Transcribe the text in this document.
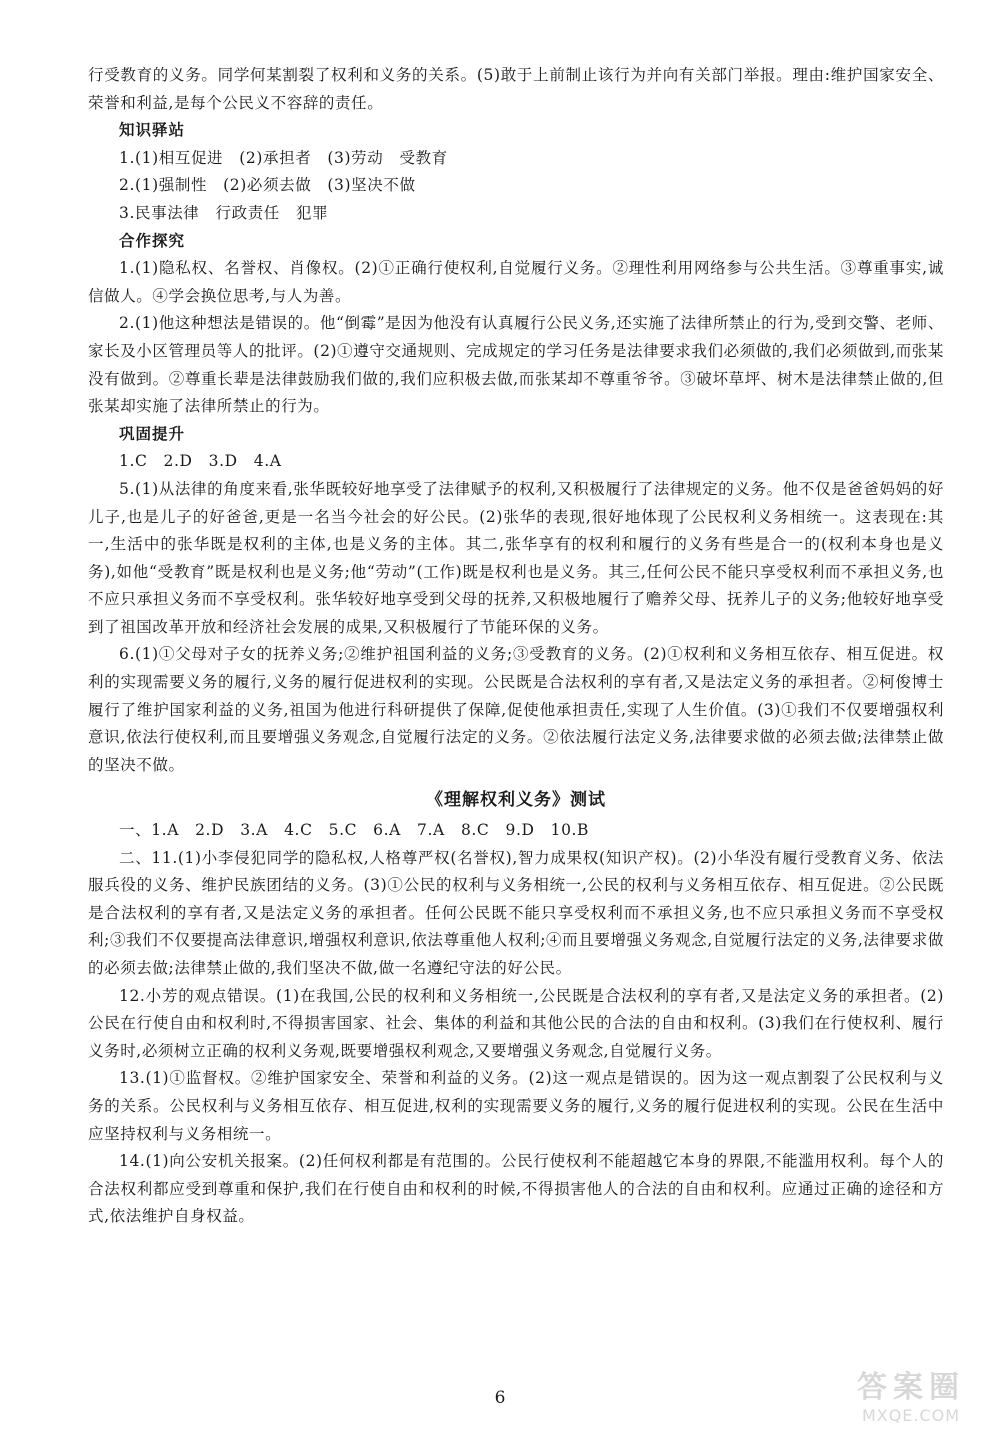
行受教育的义务。同学何某割裂了权利和义务的关系。(5)敢于上前制止该行为并向有关部门举报。理由:维护国家安全、荣誉和利益,是每个公民义不容辞的责任。

知识驿站

1.(1)相互促进　(2)承担者　(3)劳动　受教育

2.(1)强制性　(2)必须去做　(3)坚决不做

3.民事法律　行政责任　犯罪

合作探究

1.(1)隐私权、名誉权、肖像权。(2)①正确行使权利,自觉履行义务。②理性利用网络参与公共生活。③尊重事实,诚信做人。④学会换位思考,与人为善。

2.(1)他这种想法是错误的。他“倒霉”是因为他没有认真履行公民义务,还实施了法律所禁止的行为,受到交警、老师、家长及小区管理员等人的批评。(2)①遵守交通规则、完成规定的学习任务是法律要求我们必须做的,我们必须做到,而张某没有做到。②尊重长辈是法律鼓励我们做的,我们应积极去做,而张某却不尊重爷爷。③破坏草坪、树木是法律禁止做的,但张某却实施了法律所禁止的行为。

巩固提升

1.C　2.D　3.D　4.A

5.(1)从法律的角度来看,张华既较好地享受了法律赋予的权利,又积极履行了法律规定的义务。他不仅是爸爸妈妈的好儿子,也是儿子的好爸爸,更是一名当今社会的好公民。(2)张华的表现,很好地体现了公民权利义务相统一。这表现在:其一,生活中的张华既是权利的主体,也是义务的主体。其二,张华享有的权利和履行的义务有些是合一的(权利本身也是义务),如他“受教育”既是权利也是义务;他“劳动”(工作)既是权利也是义务。其三,任何公民不能只享受权利而不承担义务,也不应只承担义务而不享受权利。张华较好地享受到父母的抚养,又积极地履行了赡养父母、抚养儿子的义务;他较好地享受到了祖国改革开放和经济社会发展的成果,又积极履行了节能环保的义务。

6.(1)①父母对子女的抚养义务;②维护祖国利益的义务;③受教育的义务。(2)①权利和义务相互依存、相互促进。权利的实现需要义务的履行,义务的履行促进权利的实现。公民既是合法权利的享有者,又是法定义务的承担者。②柯俊博士履行了维护国家利益的义务,祖国为他进行科研提供了保障,促使他承担责任,实现了人生价值。(3)①我们不仅要增强权利意识,依法行使权利,而且要增强义务观念,自觉履行法定的义务。②依法履行法定义务,法律要求做的必须去做;法律禁止做的坚决不做。

《理解权利义务》测试

一、1.A　2.D　3.A　4.C　5.C　6.A　7.A　8.C　9.D　10.B

二、11.(1)小李侵犯同学的隐私权,人格尊严权(名誉权),智力成果权(知识产权)。(2)小华没有履行受教育义务、依法服兵役的义务、维护民族团结的义务。(3)①公民的权利与义务相统一,公民的权利与义务相互依存、相互促进。②公民既是合法权利的享有者,又是法定义务的承担者。任何公民既不能只享受权利而不承担义务,也不应只承担义务而不享受权利;③我们不仅要提高法律意识,增强权利意识,依法尊重他人权利;④而且要增强义务观念,自觉履行法定的义务,法律要求做的必须去做;法律禁止做的,我们坚决不做,做一名遵纪守法的好公民。

12.小芳的观点错误。(1)在我国,公民的权利和义务相统一,公民既是合法权利的享有者,又是法定义务的承担者。(2)公民在行使自由和权利时,不得损害国家、社会、集体的利益和其他公民的合法的自由和权利。(3)我们在行使权利、履行义务时,必须树立正确的权利义务观,既要增强权利观念,又要增强义务观念,自觉履行义务。

13.(1)①监督权。②维护国家安全、荣誉和利益的义务。(2)这一观点是错误的。因为这一观点割裂了公民权利与义务的关系。公民权利与义务相互依存、相互促进,权利的实现需要义务的履行,义务的履行促进权利的实现。公民在生活中应坚持权利与义务相统一。

14.(1)向公安机关报案。(2)任何权利都是有范围的。公民行使权利不能超越它本身的界限,不能滥用权利。每个人的合法权利都应受到尊重和保护,我们在行使自由和权利的时候,不得损害他人的合法的自由和权利。应通过正确的途径和方式,依法维护自身权益。

6	答案圈
MXQE.COM
